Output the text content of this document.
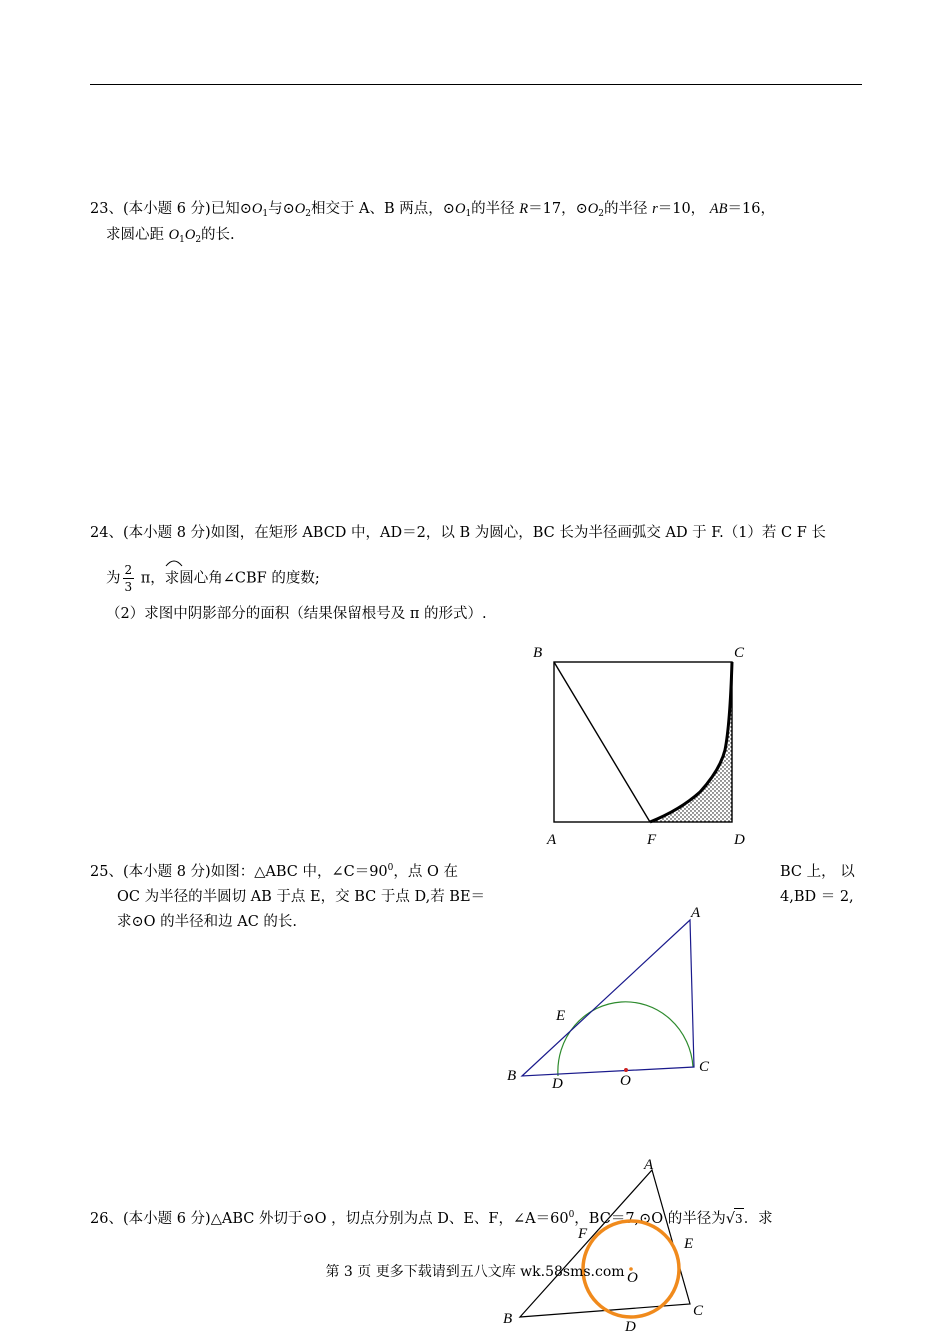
23、(本小题 6 分)已知$⊙O_1$与$⊙O_2$相交于 A、B 两点，$⊙O_1$的半径 R＝17，$⊙O_2$的半径 r＝10， AB＝16，
求圆心距 $O_1O_2$的长.
24、(本小题 8 分)如图，在矩形 ABCD 中，AD＝2，以 B 为圆心，BC 长为半径画弧交 AD 于 F.（1）若 C F 长
为 $\frac{2}{3}$ π，
求圆心角∠CBF 的度数;
（2）求图中阴影部分的面积（结果保留根号及 π 的形式）.
B	C
A	F	D
25、(本小题 8 分)如图：△ABC 中，$\angle C=90^0$，点 O 在	BC 上， 以
OC 为半径的半圆切 AB 于点 E，交 BC 于点 D,若 BE＝	4,BD ＝ 2,
求⊙O 的半径和边 AC 的长.
A
E
B D	O
C
26、(本小题 6 分)△ABC 外切于⊙O ，切点分别为点 D、E、F，$\angle A=60^0$，BC＝7,⊙O 的半径为√3．求
A
F
E
O
B	C
D
第 3 页 更多下载请到五八文库 wk.58sms.com
